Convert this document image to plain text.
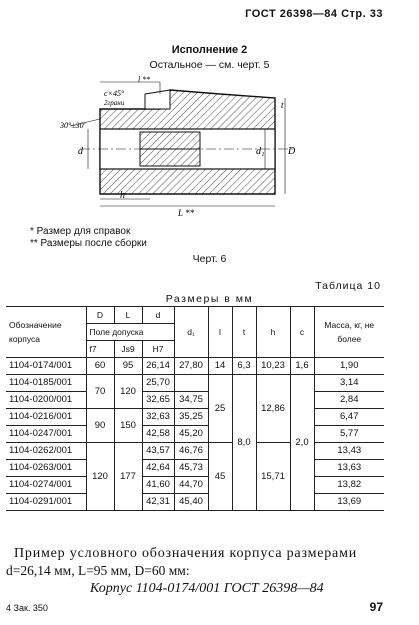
ГОСТ 26398—84 Стр. 33
Исполнение 2
Остальное — см. черт. 5
l **
c×45°
2грани
30°±30'
t
d	d₁ D
h
L **
* Размер для справок
** Размеры после сборки
Черт. 6
Таблица 10
Размеры в мм
Обозначение корпуса	D	L	d	d₁	l	t	h	c	Масса, кг, не более
	Поле допуска								
	f7	Js9	H7						
1104-0174/001	60	95	26,14	27,80	14	6,3	10,23	1,6	1,90
1104-0185/001	70	120	25,70		25	8,0	12,86	2,0	3,14
1104-0200/001			32,65	34,75					2,84
1104-0216/001	90	150	32,63	35,25					6,47
1104-0247/001			42,58	45,20					5,77
1104-0262/001	120	177	43,57	46,76	45		15,71		13,43
1104-0263/001			42,64	45,73					13,63
1104-0274/001			41,60	44,70					13,82
1104-0291/001			42,31	45,40					13,69
Пример условного обозначения корпуса размерами
d=26,14 мм, L=95 мм, D=60 мм:
Корпус 1104-0174/001 ГОСТ 26398—84
4 Зак. 350	97
